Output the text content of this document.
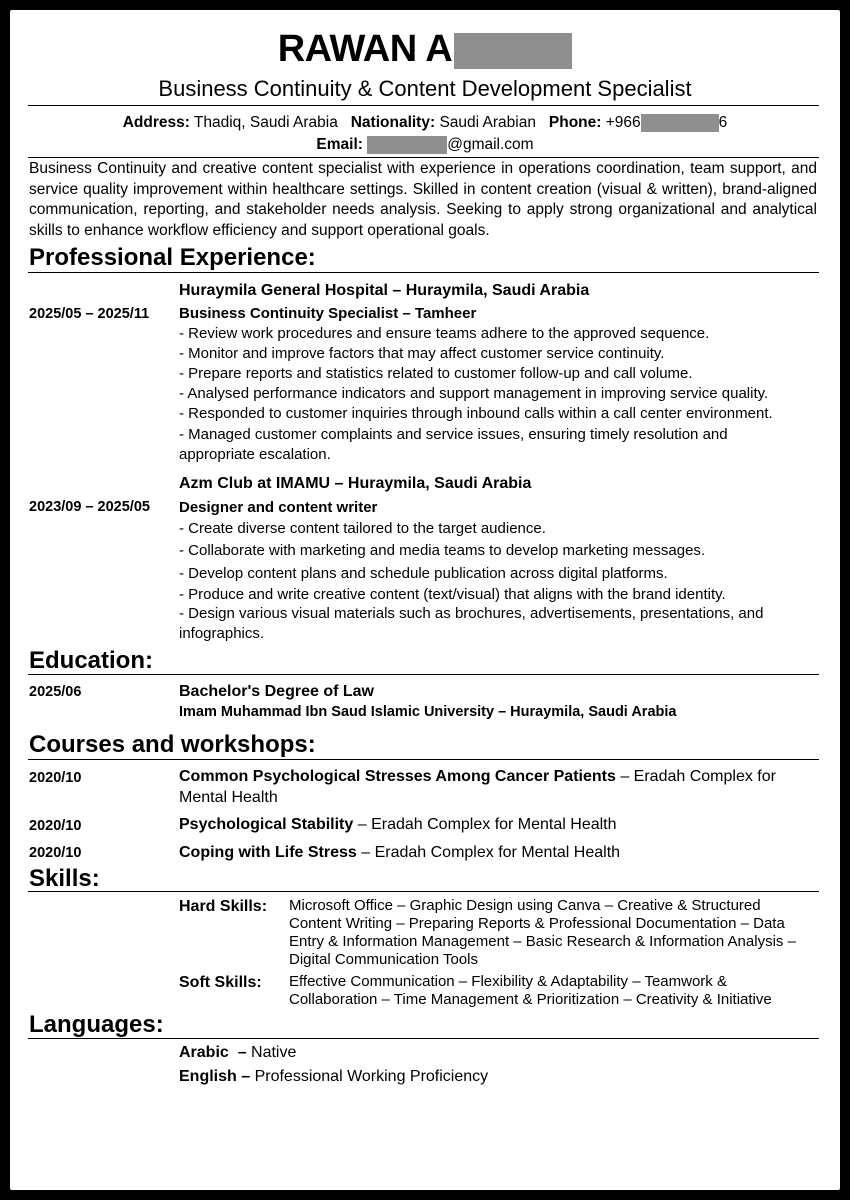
RAWAN A
Business Continuity & Content Development Specialist
Address: Thadiq, Saudi Arabia Nationality: Saudi Arabian Phone: +966	6
Email:	@gmail.com
Business Continuity and creative content specialist with experience in operations coordination, team support, and service quality improvement within healthcare settings. Skilled in content creation (visual & written), brand-aligned communication, reporting, and stakeholder needs analysis. Seeking to apply strong organizational and analytical skills to enhance workflow efficiency and support operational goals.
Professional Experience:
Huraymila General Hospital – Huraymila, Saudi Arabia
2025/05 – 2025/11 Business Continuity Specialist – Tamheer
- Review work procedures and ensure teams adhere to the approved sequence.
- Monitor and improve factors that may affect customer service continuity.
- Prepare reports and statistics related to customer follow-up and call volume.
- Analysed performance indicators and support management in improving service quality.
- Responded to customer inquiries through inbound calls within a call center environment.
- Managed customer complaints and service issues, ensuring timely resolution and
appropriate escalation.
Azm Club at IMAMU – Huraymila, Saudi Arabia
2023/09 – 2025/05 Designer and content writer
- Create diverse content tailored to the target audience.
- Collaborate with marketing and media teams to develop marketing messages.
- Develop content plans and schedule publication across digital platforms.
- Produce and write creative content (text/visual) that aligns with the brand identity.
- Design various visual materials such as brochures, advertisements, presentations, and
infographics.
Education:
2025/06	Bachelor's Degree of Law
Imam Muhammad Ibn Saud Islamic University – Huraymila, Saudi Arabia
Courses and workshops:
2020/10	Common Psychological Stresses Among Cancer Patients – Eradah Complex for
Mental Health
2020/10	Psychological Stability – Eradah Complex for Mental Health
2020/10	Coping with Life Stress – Eradah Complex for Mental Health
Skills:
Hard Skills: Microsoft Office – Graphic Design using Canva – Creative & Structured Content Writing – Preparing Reports & Professional Documentation – Data Entry & Information Management – Basic Research & Information Analysis – Digital Communication Tools
Soft Skills: Effective Communication – Flexibility & Adaptability – Teamwork & Collaboration – Time Management & Prioritization – Creativity & Initiative
Languages:
Arabic  – Native
English – Professional Working Proficiency
